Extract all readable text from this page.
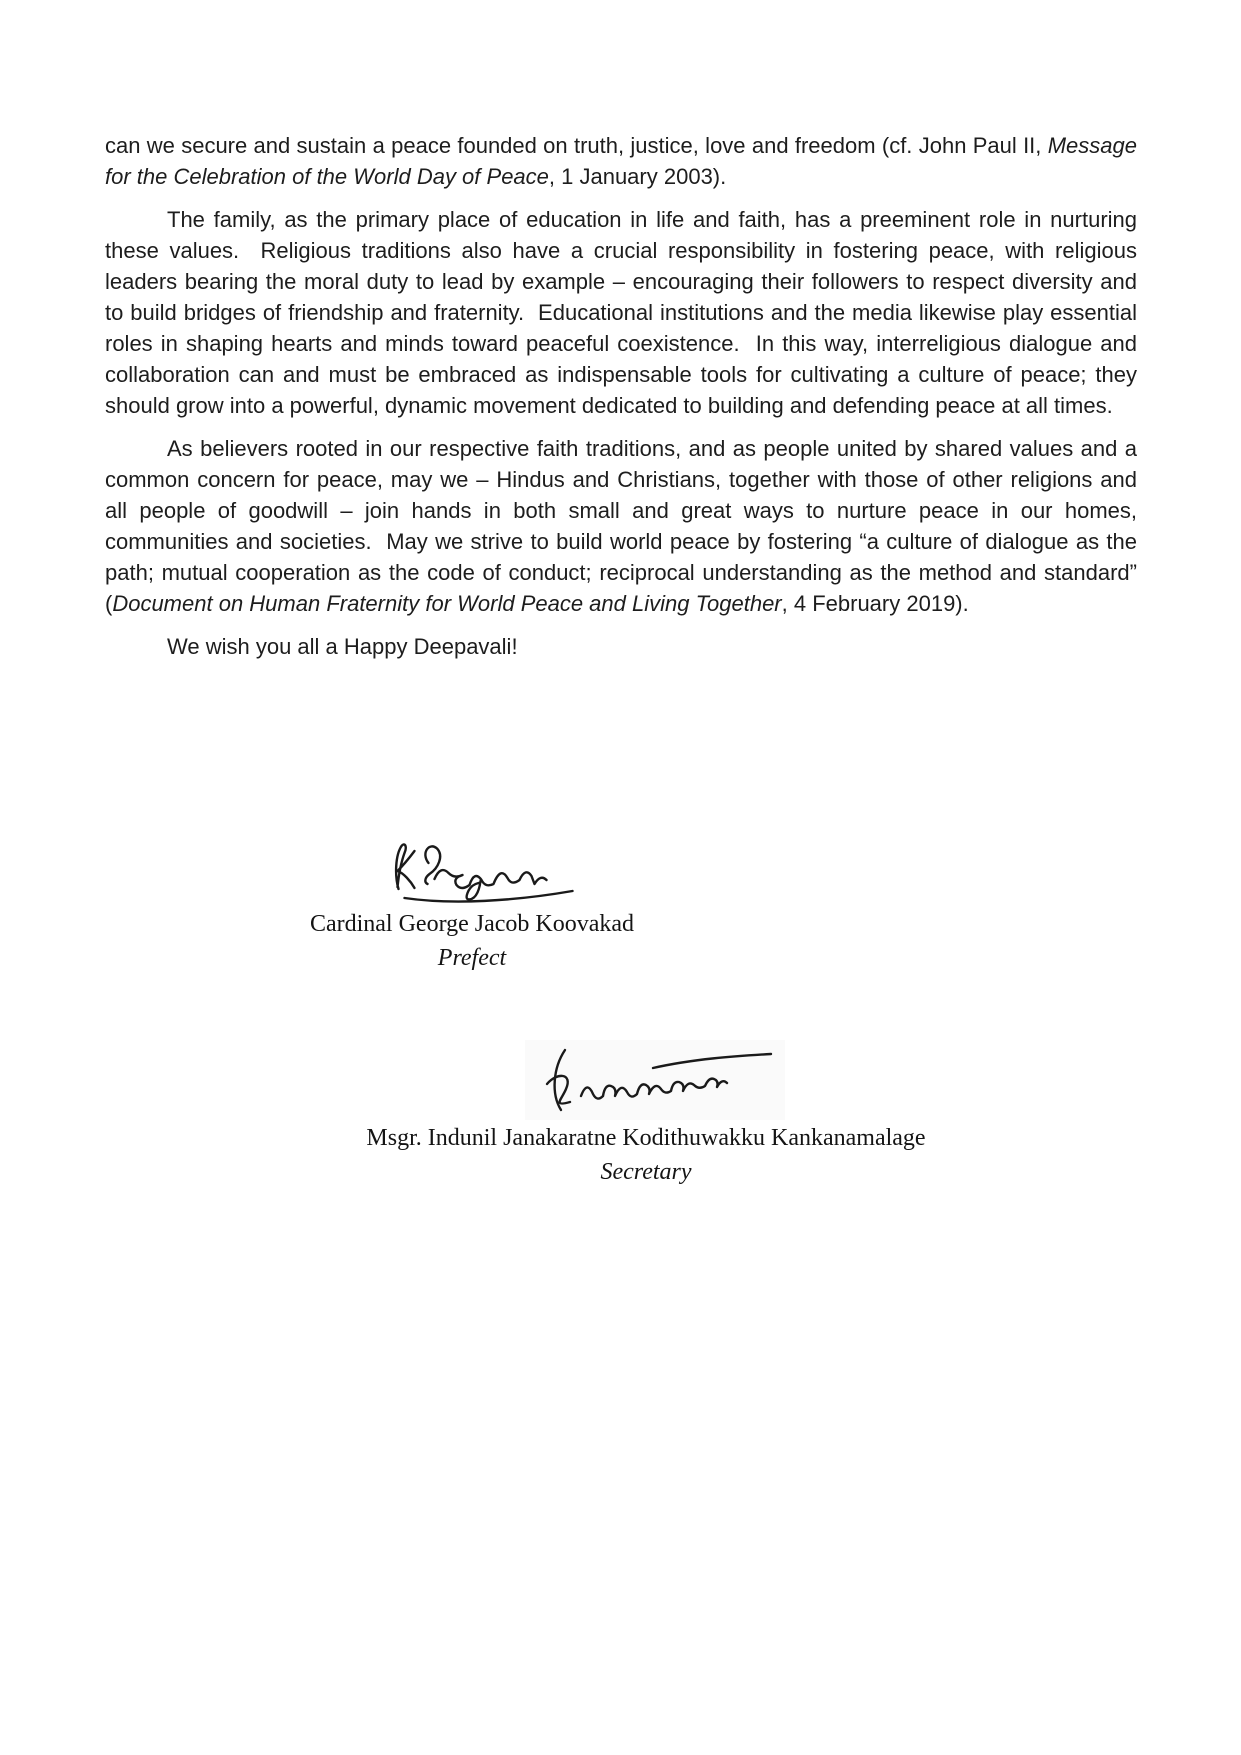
can we secure and sustain a peace founded on truth, justice, love and freedom (cf. John Paul II, Message for the Celebration of the World Day of Peace, 1 January 2003).

The family, as the primary place of education in life and faith, has a preeminent role in nurturing these values.  Religious traditions also have a crucial responsibility in fostering peace, with religious leaders bearing the moral duty to lead by example – encouraging their followers to respect diversity and to build bridges of friendship and fraternity.  Educational institutions and the media likewise play essential roles in shaping hearts and minds toward peaceful coexistence.  In this way, interreligious dialogue and collaboration can and must be embraced as indispensable tools for cultivating a culture of peace; they should grow into a powerful, dynamic movement dedicated to building and defending peace at all times.

As believers rooted in our respective faith traditions, and as people united by shared values and a common concern for peace, may we – Hindus and Christians, together with those of other religions and all people of goodwill – join hands in both small and great ways to nurture peace in our homes, communities and societies.  May we strive to build world peace by fostering “a culture of dialogue as the path; mutual cooperation as the code of conduct; reciprocal understanding as the method and standard” (Document on Human Fraternity for World Peace and Living Together, 4 February 2019).

We wish you all a Happy Deepavali!

Cardinal George Jacob Koovakad
Prefect
Msgr. Indunil Janakaratne Kodithuwakku Kankanamalage
Secretary
